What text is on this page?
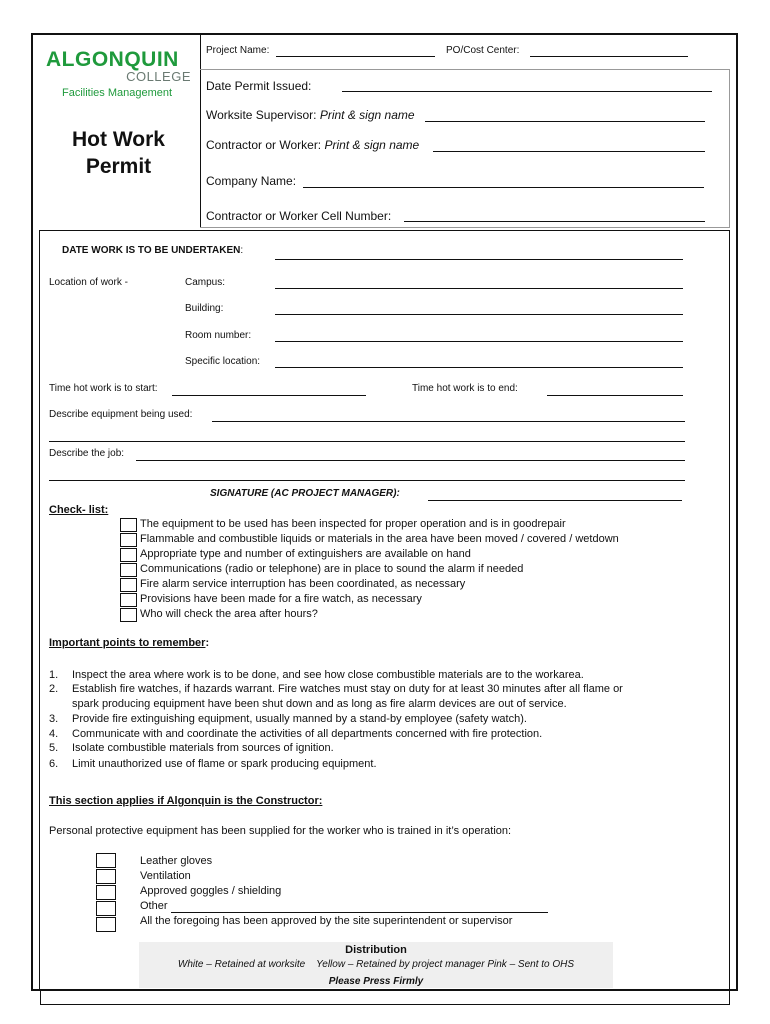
ALGONQUIN
COLLEGE
Facilities Management
Hot Work
Permit
Project Name:	PO/Cost Center:
Date Permit Issued:
Worksite Supervisor: Print & sign name
Contractor or Worker: Print & sign name
Company Name:
Contractor or Worker Cell Number:
DATE WORK IS TO BE UNDERTAKEN:
Location of work -	Campus:
Building:
Room number:
Specific location:
Time hot work is to start:	Time hot work is to end:
Describe equipment being used:
Describe the job:
SIGNATURE (AC PROJECT MANAGER):
Check- list:
The equipment to be used has been inspected for proper operation and is in goodrepair
Flammable and combustible liquids or materials in the area have been moved / covered / wetdown
Appropriate type and number of extinguishers are available on hand
Communications (radio or telephone) are in place to sound the alarm if needed
Fire alarm service interruption has been coordinated, as necessary
Provisions have been made for a fire watch, as necessary
Who will check the area after hours?
Important points to remember:
1. Inspect the area where work is to be done, and see how close combustible materials are to the workarea.
2. Establish fire watches, if hazards warrant. Fire watches must stay on duty for at least 30 minutes after all flame or
spark producing equipment have been shut down and as long as fire alarm devices are out of service.
3. Provide fire extinguishing equipment, usually manned by a stand-by employee (safety watch).
4. Communicate with and coordinate the activities of all departments concerned with fire protection.
5. Isolate combustible materials from sources of ignition.
6. Limit unauthorized use of flame or spark producing equipment.
This section applies if Algonquin is the Constructor:
Personal protective equipment has been supplied for the worker who is trained in it’s operation:
Leather gloves
Ventilation
Approved goggles / shielding
Other
All the foregoing has been approved by the site superintendent or supervisor
Distribution
White – Retained at worksite    Yellow – Retained by project manager Pink – Sent to OHS
Please Press Firmly
